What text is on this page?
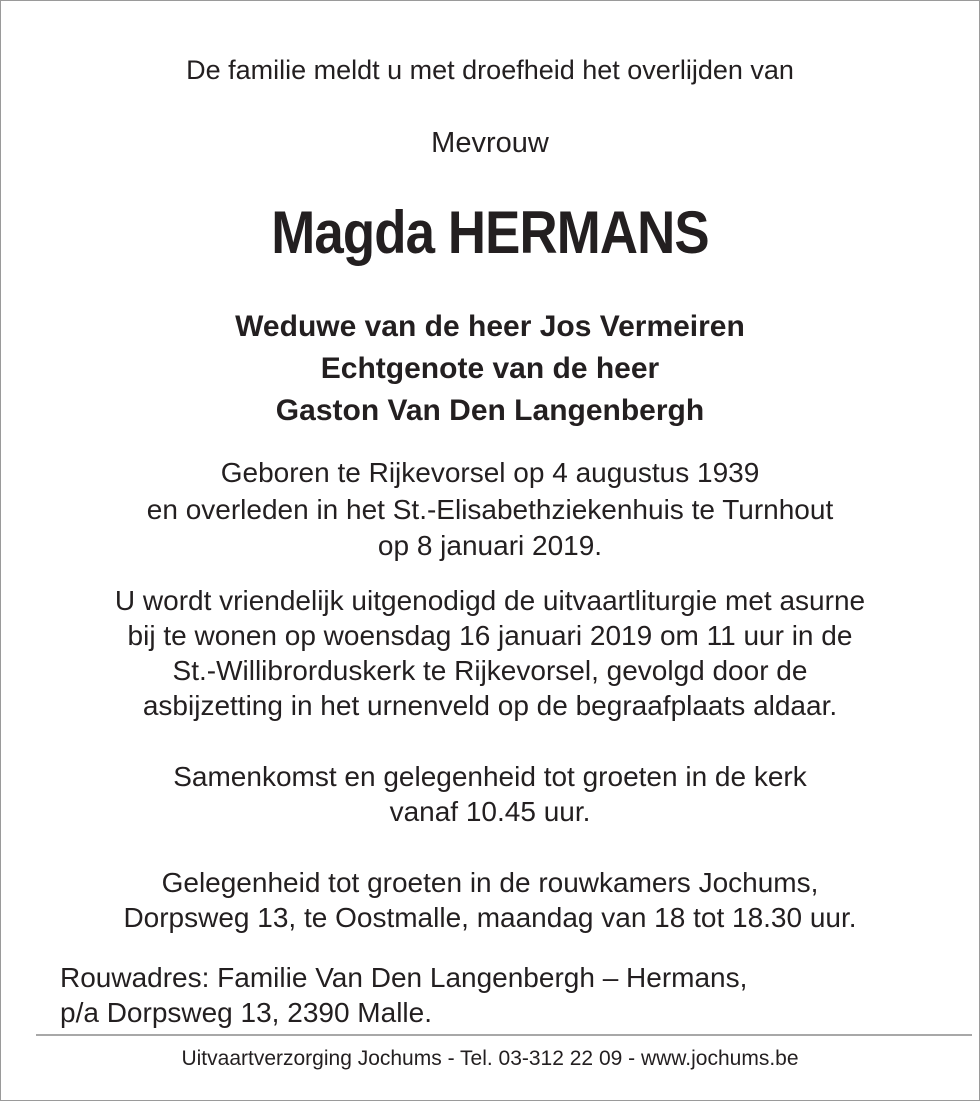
De familie meldt u met droefheid het overlijden van
Mevrouw
Magda HERMANS
Weduwe van de heer Jos Vermeiren
Echtgenote van de heer
Gaston Van Den Langenbergh
Geboren te Rijkevorsel op 4 augustus 1939
en overleden in het St.-Elisabethziekenhuis te Turnhout
op 8 januari 2019.
U wordt vriendelijk uitgenodigd de uitvaartliturgie met asurne
bij te wonen op woensdag 16 januari 2019 om 11 uur in de
St.-Willibrorduskerk te Rijkevorsel, gevolgd door de
asbijzetting in het urnenveld op de begraafplaats aldaar.
Samenkomst en gelegenheid tot groeten in de kerk
vanaf 10.45 uur.
Gelegenheid tot groeten in de rouwkamers Jochums,
Dorpsweg 13, te Oostmalle, maandag van 18 tot 18.30 uur.
Rouwadres: Familie Van Den Langenbergh – Hermans,
p/a Dorpsweg 13, 2390 Malle.
Uitvaartverzorging Jochums - Tel. 03-312 22 09 - www.jochums.be
